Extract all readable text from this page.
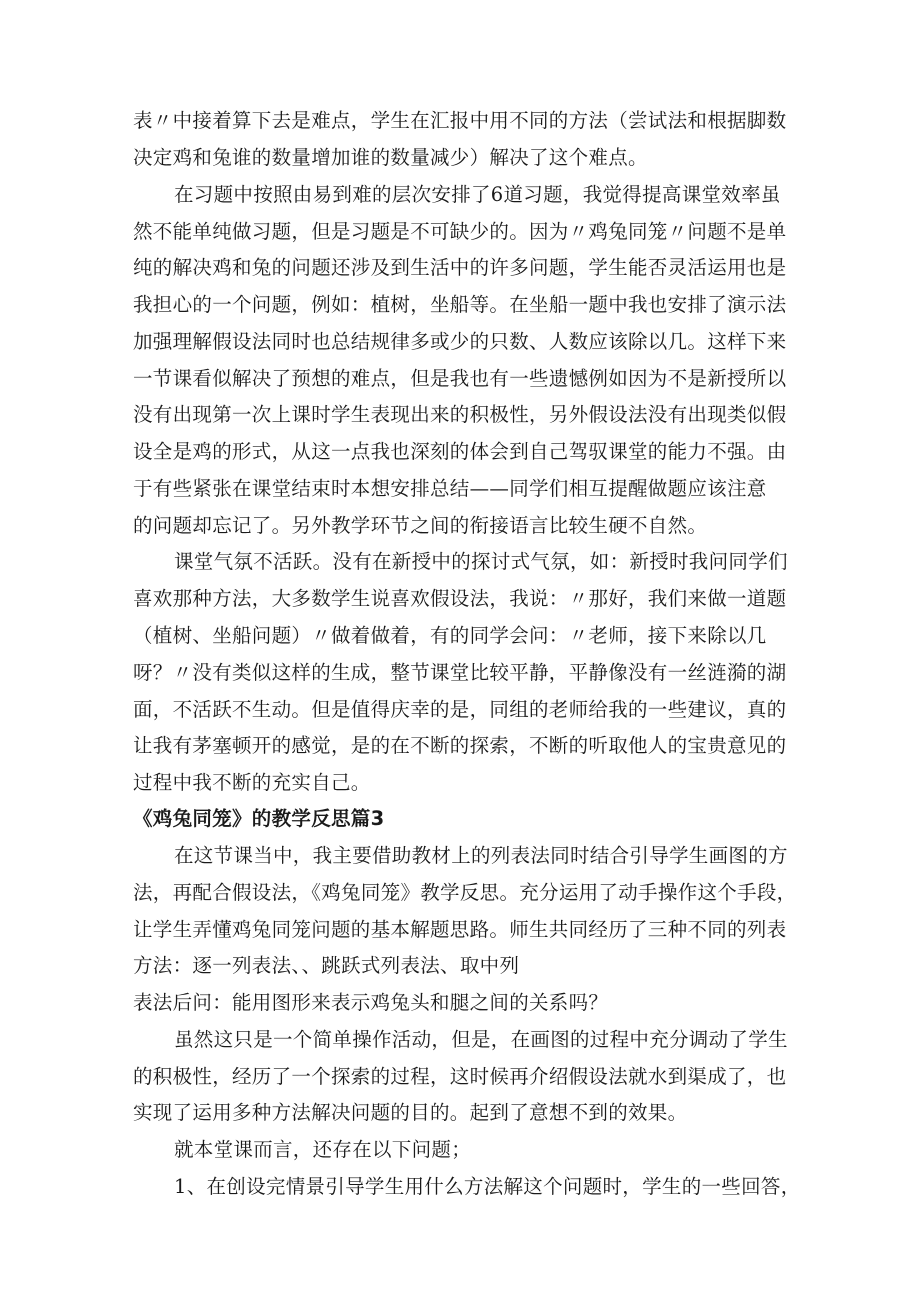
表〃中接着算下去是难点，学生在汇报中用不同的方法（尝试法和根据脚数
决定鸡和兔谁的数量增加谁的数量减少）解决了这个难点。
在习题中按照由易到难的层次安排了6道习题，我觉得提高课堂效率虽
然不能单纯做习题，但是习题是不可缺少的。因为〃鸡兔同笼〃问题不是单
纯的解决鸡和兔的问题还涉及到生活中的许多问题，学生能否灵活运用也是
我担心的一个问题，例如：植树，坐船等。在坐船一题中我也安排了演示法
加强理解假设法同时也总结规律多或少的只数、人数应该除以几。这样下来
一节课看似解决了预想的难点，但是我也有一些遗憾例如因为不是新授所以
没有出现第一次上课时学生表现出来的积极性，另外假设法没有出现类似假
设全是鸡的形式，从这一点我也深刻的体会到自己驾驭课堂的能力不强。由
于有些紧张在课堂结束时本想安排总结——同学们相互提醒做题应该注意
的问题却忘记了。另外教学环节之间的衔接语言比较生硬不自然。
课堂气氛不活跃。没有在新授中的探讨式气氛，如：新授时我问同学们
喜欢那种方法，大多数学生说喜欢假设法，我说：〃那好，我们来做一道题
（植树、坐船问题）〃做着做着，有的同学会问：〃老师，接下来除以几
呀？〃没有类似这样的生成，整节课堂比较平静，平静像没有一丝涟漪的湖
面，不活跃不生动。但是值得庆幸的是，同组的老师给我的一些建议，真的
让我有茅塞顿开的感觉，是的在不断的探索，不断的听取他人的宝贵意见的
过程中我不断的充实自己。
《鸡兔同笼》的教学反思篇3
在这节课当中，我主要借助教材上的列表法同时结合引导学生画图的方
法，再配合假设法，《鸡兔同笼》教学反思。充分运用了动手操作这个手段，
让学生弄懂鸡兔同笼问题的基本解题思路。师生共同经历了三种不同的列表
方法：逐一列表法、、跳跃式列表法、取中列
表法后问：能用图形来表示鸡兔头和腿之间的关系吗？
虽然这只是一个简单操作活动，但是，在画图的过程中充分调动了学生
的积极性，经历了一个探索的过程，这时候再介绍假设法就水到渠成了，也
实现了运用多种方法解决问题的目的。起到了意想不到的效果。
就本堂课而言，还存在以下问题；
1、在创设完情景引导学生用什么方法解这个问题时，学生的一些回答，
